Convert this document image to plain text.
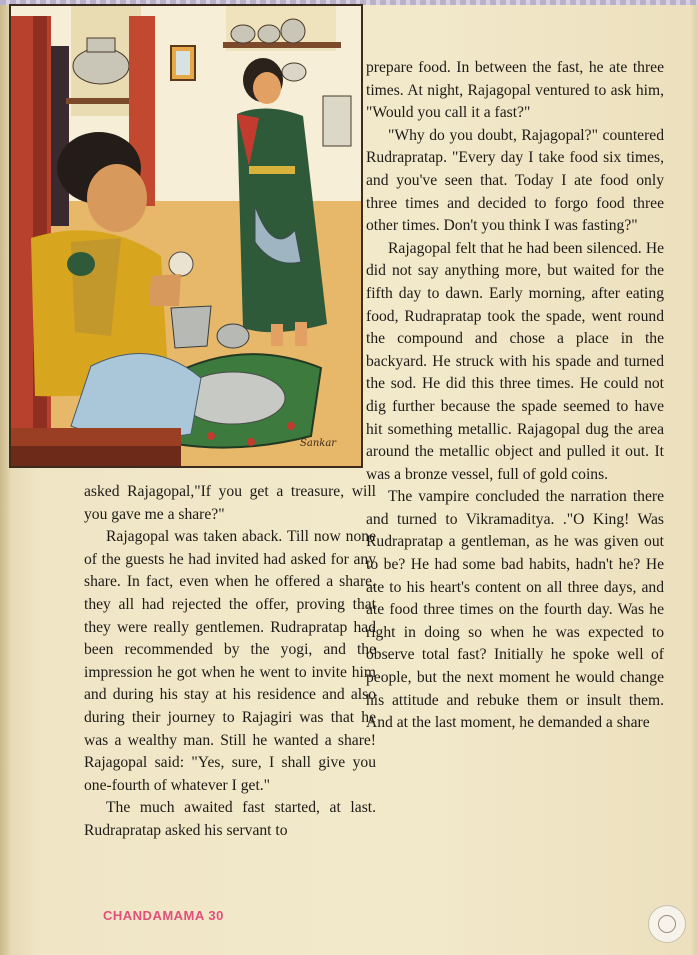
Sankar

asked Rajagopal,"If you get a treasure, will you gave me a share?"

Rajagopal was taken aback. Till now none of the guests he had invited had asked for any share. In fact, even when he offered a share, they all had rejected the offer, proving that they were really gentlemen. Rudrapratap had been recommended by the yogi, and the impression he got when he went to invite him and during his stay at his residence and also during their journey to Rajagiri was that he was a wealthy man. Still he wanted a share! Rajagopal said: "Yes, sure, I shall give you one-fourth of whatever I get."

The much awaited fast started, at last. Rudrapratap asked his servant to

prepare food. In between the fast, he ate three times. At night, Rajagopal ventured to ask him, "Would you call it a fast?"

"Why do you doubt, Rajagopal?" countered Rudrapratap. "Every day I take food six times, and you've seen that. Today I ate food only three times and decided to forgo food three other times. Don't you think I was fasting?"

Rajagopal felt that he had been silenced. He did not say anything more, but waited for the fifth day to dawn. Early morning, after eating food, Rudrapratap took the spade, went round the compound and chose a place in the backyard. He struck with his spade and turned the sod. He did this three times. He could not dig further because the spade seemed to have hit something metallic. Rajagopal dug the area around the metallic object and pulled it out. It was a bronze vessel, full of gold coins.

The vampire concluded the narration there and turned to Vikramaditya. ."O King! Was Rudrapratap a gentleman, as he was given out to be? He had some bad habits, hadn't he? He ate to his heart's content on all three days, and ate food three times on the fourth day. Was he right in doing so when he was expected to observe total fast? Initially he spoke well of people, but the next moment he would change his attitude and rebuke them or insult them. And at the last moment, he demanded a share

CHANDAMAMA 30
